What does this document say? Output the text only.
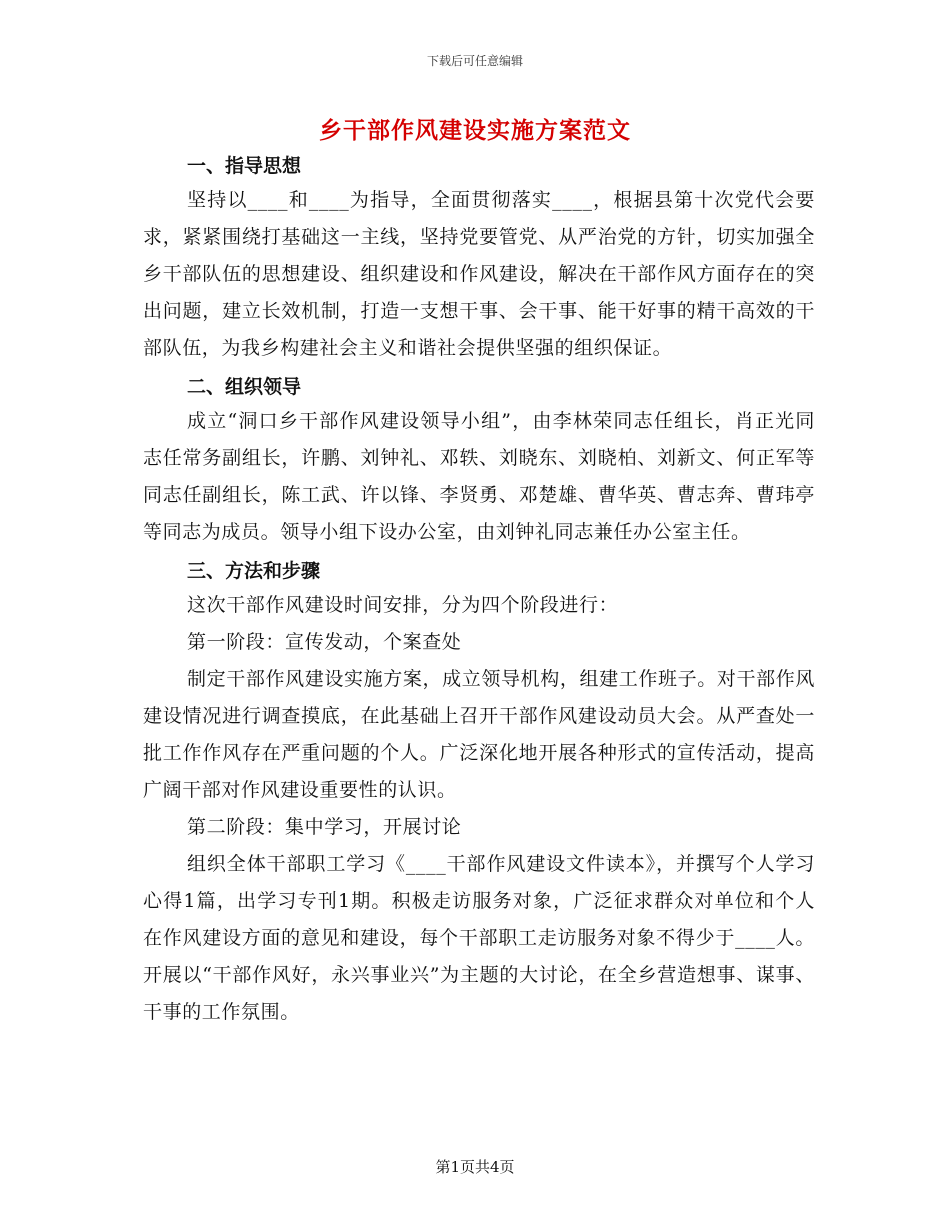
下载后可任意编辑
乡干部作风建设实施方案范文
一、指导思想
坚持以____和____为指导，全面贯彻落实____，根据县第十次党代会要求，紧紧围绕打基础这一主线，坚持党要管党、从严治党的方针，切实加强全乡干部队伍的思想建设、组织建设和作风建设，解决在干部作风方面存在的突出问题，建立长效机制，打造一支想干事、会干事、能干好事的精干高效的干部队伍，为我乡构建社会主义和谐社会提供坚强的组织保证。
二、组织领导
成立“洞口乡干部作风建设领导小组”，由李林荣同志任组长，肖正光同志任常务副组长，许鹏、刘钟礼、邓轶、刘晓东、刘晓柏、刘新文、何正军等同志任副组长，陈工武、许以锋、李贤勇、邓楚雄、曹华英、曹志奔、曹玮亭等同志为成员。领导小组下设办公室，由刘钟礼同志兼任办公室主任。
三、方法和步骤
这次干部作风建设时间安排，分为四个阶段进行：
第一阶段：宣传发动，个案查处
制定干部作风建设实施方案，成立领导机构，组建工作班子。对干部作风建设情况进行调查摸底，在此基础上召开干部作风建设动员大会。从严查处一批工作作风存在严重问题的个人。广泛深化地开展各种形式的宣传活动，提高广阔干部对作风建设重要性的认识。
第二阶段：集中学习，开展讨论
组织全体干部职工学习《____干部作风建设文件读本》，并撰写个人学习心得1篇，出学习专刊1期。积极走访服务对象，广泛征求群众对单位和个人在作风建设方面的意见和建设，每个干部职工走访服务对象不得少于____人。开展以“干部作风好，永兴事业兴”为主题的大讨论，在全乡营造想事、谋事、干事的工作氛围。
第1页共4页
